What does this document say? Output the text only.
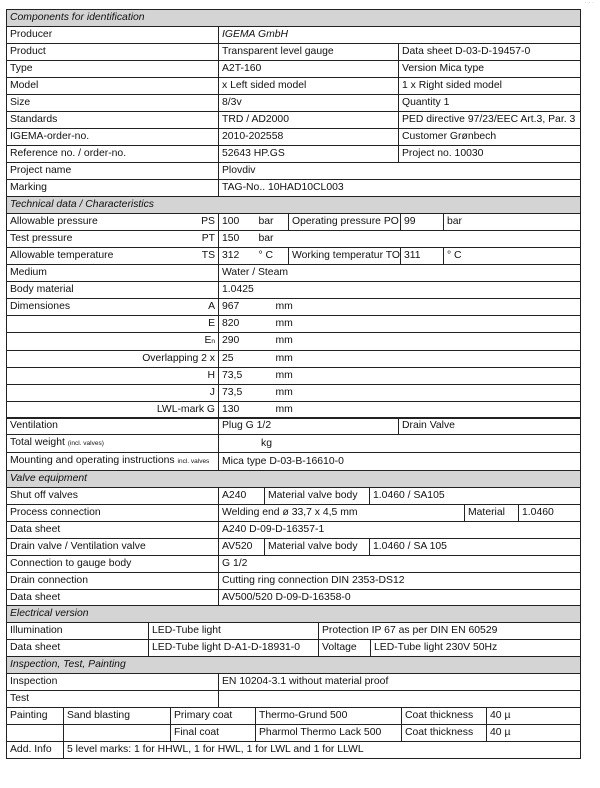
· · ·
Components for identification		
Producer	IGEMA GmbH	
Product	Transparent level gauge	Data sheet D-03-D-19457-0
Type	A2T-160	Version Mica type
Model	x Left sided model	1 x Right sided model
Size	8/3v	Quantity 1
Standards	TRD / AD2000	PED directive 97/23/EEC Art.3, Par. 3
IGEMA-order-no.	2010-202558	Customer Grønbech
Reference no. / order-no.	52643 HP.GS	Project no. 10030
Project name	Plovdiv	
Marking	TAG-No.. 10HAD10CL003	
Technical data / Characteristics						
Allowable pressure	PS	100	bar	Operating pressure PO	99	bar
Test pressure	PT	150	bar			
Allowable temperature	TS	312	° C	Working temperatur TO	311	° C
Medium		Water / Steam				
Body material		1.0425				
Dimensiones	A	967	mm			
E		820	mm			
En		290	mm			
Overlapping 2 x		25	mm			
H		73,5	mm			
J		73,5	mm			
LWL-mark G		130	mm			
Ventilation	Plug G 1/2	Drain Valve
Total weight (incl. valves)	kg	
Mounting and operating instructions incl. valves	Mica type D-03-B-16610-0	
Valve equipment					
Shut off valves	A240	Material valve body	1.0460 / SA105		
Process connection	Welding end ø 33,7 x 4,5 mm			Material	1.0460
Data sheet	A240 D-09-D-16357-1				
Drain valve / Ventilation valve	AV520	Material valve body	1.0460 / SA 105		
Connection to gauge body	G 1/2				
Drain connection	Cutting ring connection DIN 2353-DS12				
Data sheet	AV500/520 D-09-D-16358-0				
Electrical version			
Illumination	LED-Tube light	Protection IP 67 as per DIN EN 60529	
Data sheet	LED-Tube light D-A1-D-18931-0	Voltage	LED-Tube light 230V 50Hz
Inspection, Test, Painting						
Inspection			EN 10204-3.1 without material proof			
Test						
Painting	Sand blasting	Primary coat		Thermo-Grund 500	Coat thickness	40 µ
		Final coat		Pharmol Thermo Lack 500	Coat thickness	40 µ
Add. Info	5 level marks: 1 for HHWL, 1 for HWL, 1 for LWL and 1 for LLWL					
